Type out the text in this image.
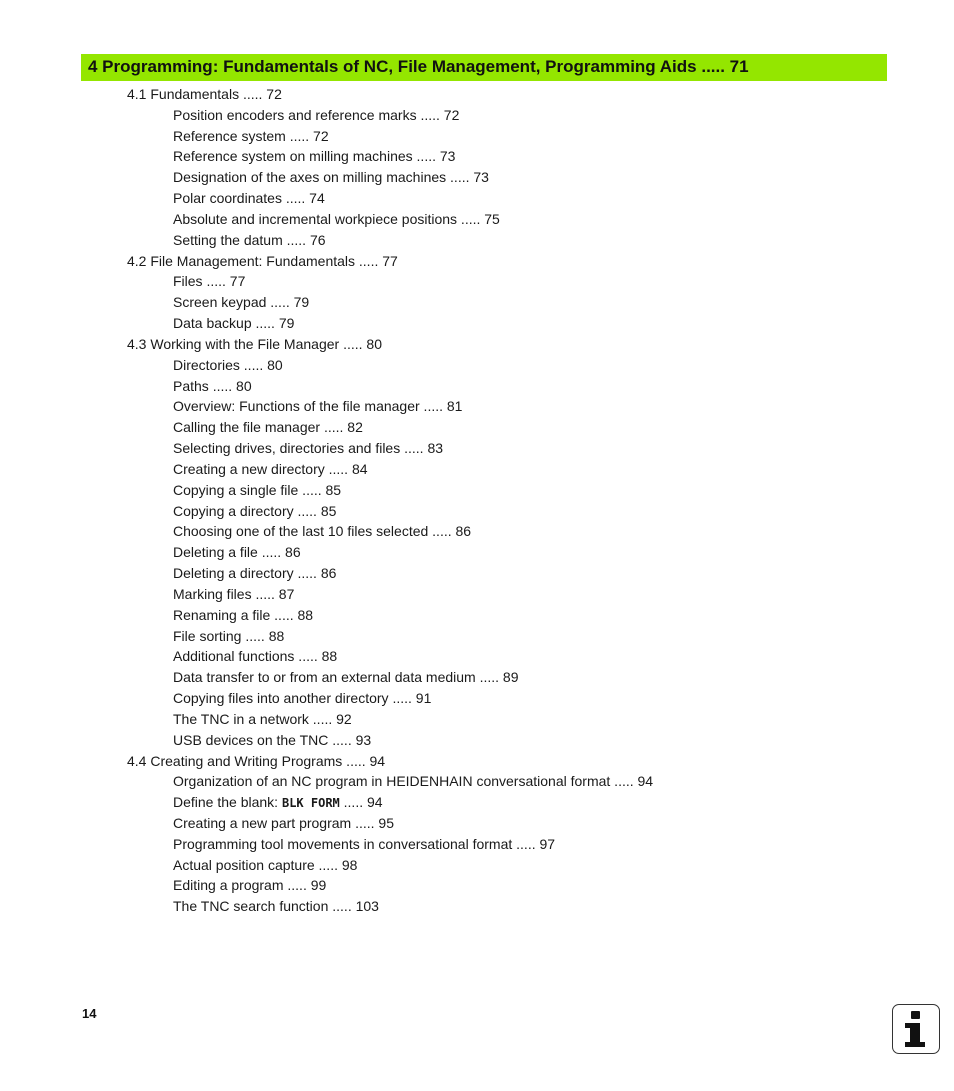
4 Programming: Fundamentals of NC, File Management, Programming Aids ..... 71
4.1 Fundamentals ..... 72
Position encoders and reference marks ..... 72
Reference system ..... 72
Reference system on milling machines ..... 73
Designation of the axes on milling machines ..... 73
Polar coordinates ..... 74
Absolute and incremental workpiece positions ..... 75
Setting the datum ..... 76
4.2 File Management: Fundamentals ..... 77
Files ..... 77
Screen keypad ..... 79
Data backup ..... 79
4.3 Working with the File Manager ..... 80
Directories ..... 80
Paths ..... 80
Overview: Functions of the file manager ..... 81
Calling the file manager ..... 82
Selecting drives, directories and files ..... 83
Creating a new directory ..... 84
Copying a single file ..... 85
Copying a directory ..... 85
Choosing one of the last 10 files selected ..... 86
Deleting a file ..... 86
Deleting a directory ..... 86
Marking files ..... 87
Renaming a file ..... 88
File sorting ..... 88
Additional functions ..... 88
Data transfer to or from an external data medium ..... 89
Copying files into another directory ..... 91
The TNC in a network ..... 92
USB devices on the TNC ..... 93
4.4 Creating and Writing Programs ..... 94
Organization of an NC program in HEIDENHAIN conversational format ..... 94
Define the blank: BLK FORM ..... 94
Creating a new part program ..... 95
Programming tool movements in conversational format ..... 97
Actual position capture ..... 98
Editing a program ..... 99
The TNC search function ..... 103
14
